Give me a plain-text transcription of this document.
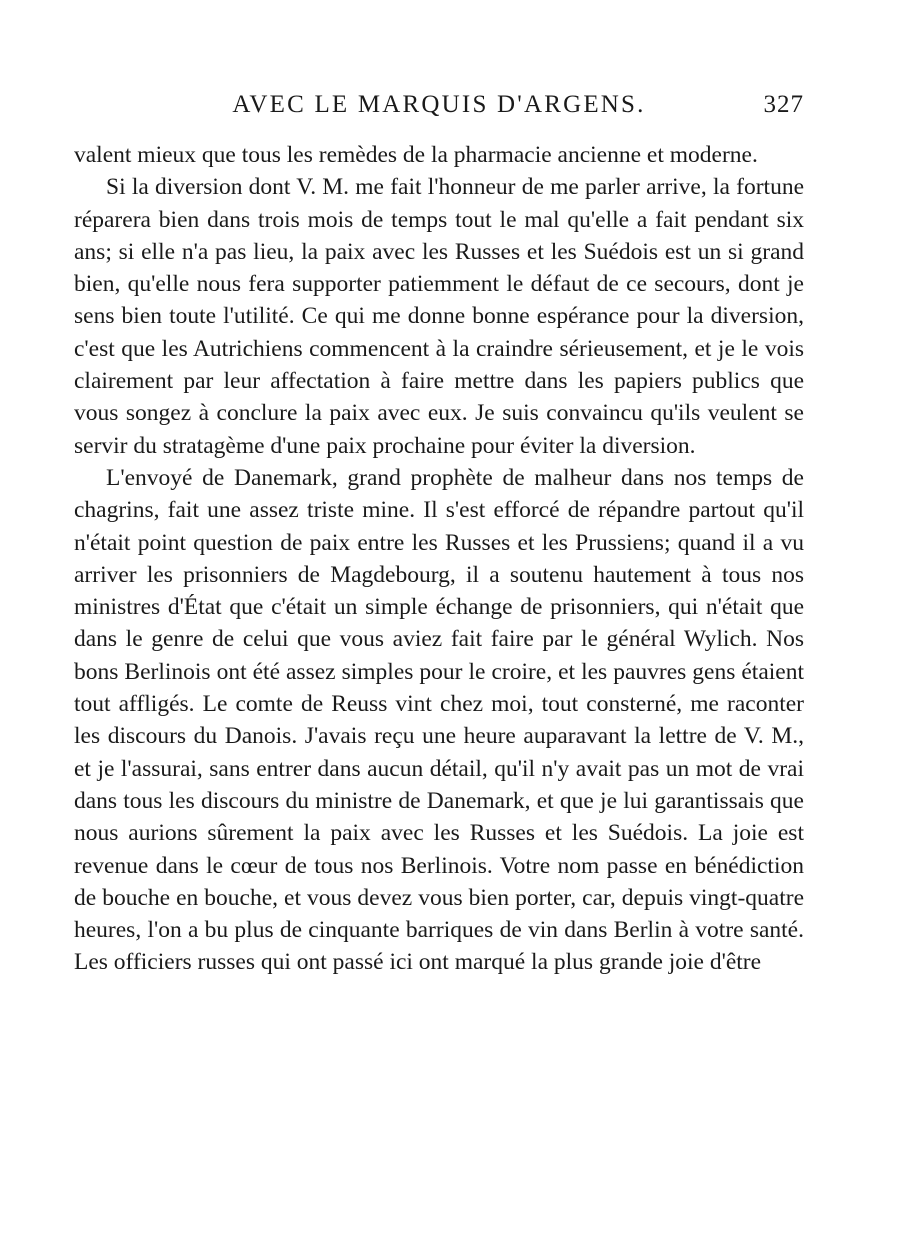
AVEC LE MARQUIS D'ARGENS.	327

valent mieux que tous les remèdes de la pharmacie ancienne et moderne.

Si la diversion dont V. M. me fait l'honneur de me parler arrive, la fortune réparera bien dans trois mois de temps tout le mal qu'elle a fait pendant six ans; si elle n'a pas lieu, la paix avec les Russes et les Suédois est un si grand bien, qu'elle nous fera supporter patiemment le défaut de ce secours, dont je sens bien toute l'utilité. Ce qui me donne bonne espérance pour la diversion, c'est que les Autrichiens commencent à la craindre sérieusement, et je le vois clairement par leur affectation à faire mettre dans les papiers publics que vous songez à conclure la paix avec eux. Je suis convaincu qu'ils veulent se servir du stratagème d'une paix prochaine pour éviter la diversion.

L'envoyé de Danemark, grand prophète de malheur dans nos temps de chagrins, fait une assez triste mine. Il s'est efforcé de répandre partout qu'il n'était point question de paix entre les Russes et les Prussiens; quand il a vu arriver les prisonniers de Magdebourg, il a soutenu hautement à tous nos ministres d'État que c'était un simple échange de prisonniers, qui n'était que dans le genre de celui que vous aviez fait faire par le général Wylich. Nos bons Berlinois ont été assez simples pour le croire, et les pauvres gens étaient tout affligés. Le comte de Reuss vint chez moi, tout consterné, me raconter les discours du Danois. J'avais reçu une heure auparavant la lettre de V. M., et je l'assurai, sans entrer dans aucun détail, qu'il n'y avait pas un mot de vrai dans tous les discours du ministre de Danemark, et que je lui garantissais que nous aurions sûrement la paix avec les Russes et les Suédois. La joie est revenue dans le cœur de tous nos Berlinois. Votre nom passe en bénédiction de bouche en bouche, et vous devez vous bien porter, car, depuis vingt-quatre heures, l'on a bu plus de cinquante barriques de vin dans Berlin à votre santé. Les officiers russes qui ont passé ici ont marqué la plus grande joie d'être
